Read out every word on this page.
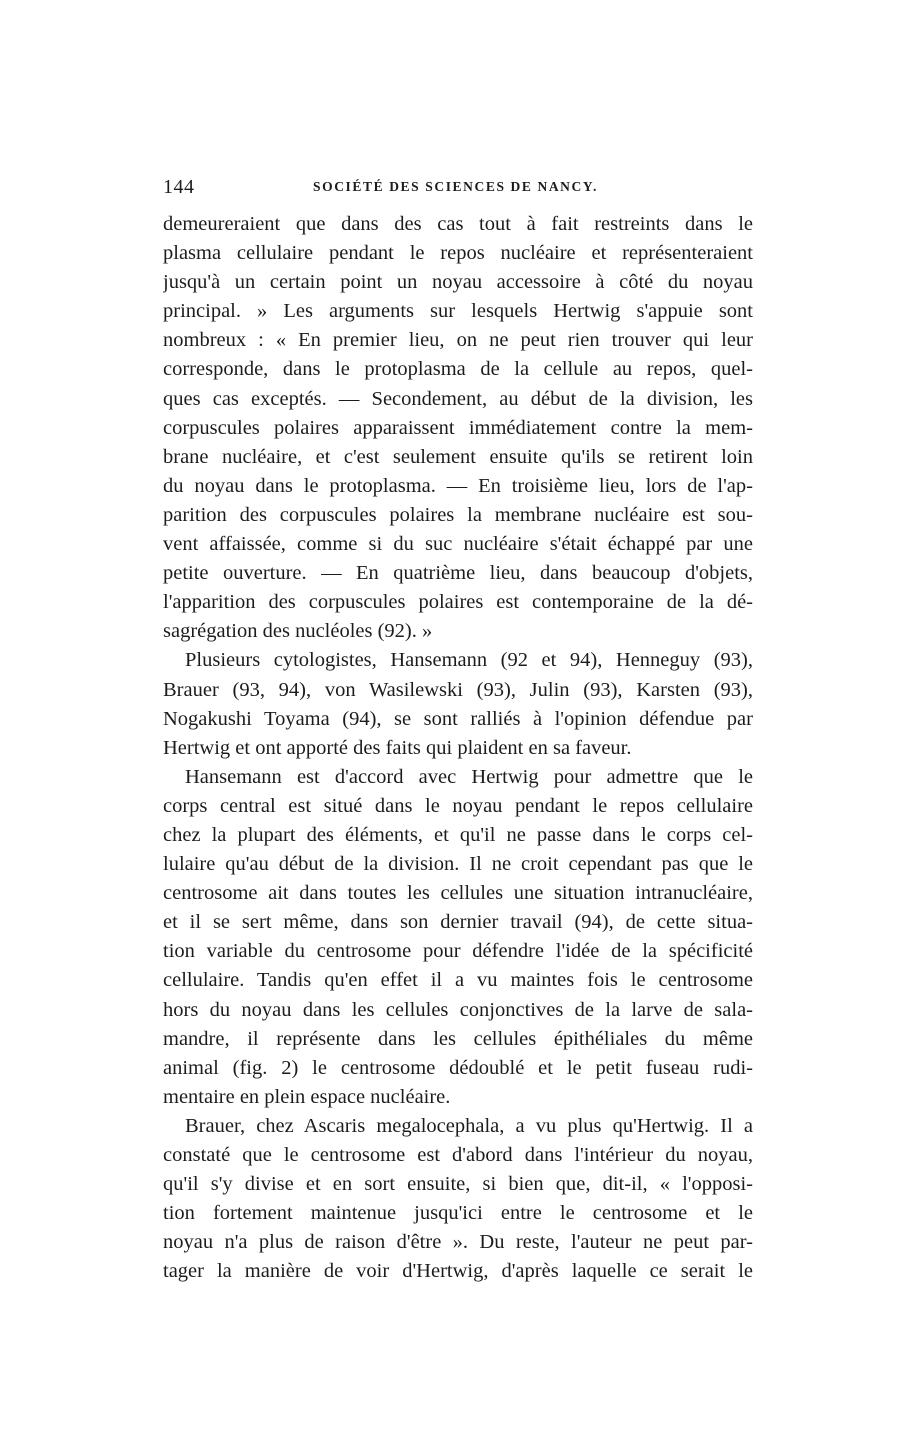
144	SOCIÉTÉ DES SCIENCES DE NANCY.
demeureraient que dans des cas tout à fait restreints dans le
plasma cellulaire pendant le repos nucléaire et représenteraient
jusqu'à un certain point un noyau accessoire à côté du noyau
principal. » Les arguments sur lesquels Hertwig s'appuie sont
nombreux : « En premier lieu, on ne peut rien trouver qui leur
corresponde, dans le protoplasma de la cellule au repos, quel-
ques cas exceptés. — Secondement, au début de la division, les
corpuscules polaires apparaissent immédiatement contre la mem-
brane nucléaire, et c'est seulement ensuite qu'ils se retirent loin
du noyau dans le protoplasma. — En troisième lieu, lors de l'ap-
parition des corpuscules polaires la membrane nucléaire est sou-
vent affaissée, comme si du suc nucléaire s'était échappé par une
petite ouverture. — En quatrième lieu, dans beaucoup d'objets,
l'apparition des corpuscules polaires est contemporaine de la dé-
sagrégation des nucléoles (92). »
Plusieurs cytologistes, Hansemann (92 et 94), Henneguy (93),
Brauer (93, 94), von Wasilewski (93), Julin (93), Karsten (93),
Nogakushi Toyama (94), se sont ralliés à l'opinion défendue par
Hertwig et ont apporté des faits qui plaident en sa faveur.
Hansemann est d'accord avec Hertwig pour admettre que le
corps central est situé dans le noyau pendant le repos cellulaire
chez la plupart des éléments, et qu'il ne passe dans le corps cel-
lulaire qu'au début de la division. Il ne croit cependant pas que le
centrosome ait dans toutes les cellules une situation intranucléaire,
et il se sert même, dans son dernier travail (94), de cette situa-
tion variable du centrosome pour défendre l'idée de la spécificité
cellulaire. Tandis qu'en effet il a vu maintes fois le centrosome
hors du noyau dans les cellules conjonctives de la larve de sala-
mandre, il représente dans les cellules épithéliales du même
animal (fig. 2) le centrosome dédoublé et le petit fuseau rudi-
mentaire en plein espace nucléaire.
Brauer, chez Ascaris megalocephala, a vu plus qu'Hertwig. Il a
constaté que le centrosome est d'abord dans l'intérieur du noyau,
qu'il s'y divise et en sort ensuite, si bien que, dit-il, « l'opposi-
tion fortement maintenue jusqu'ici entre le centrosome et le
noyau n'a plus de raison d'être ». Du reste, l'auteur ne peut par-
tager la manière de voir d'Hertwig, d'après laquelle ce serait le
